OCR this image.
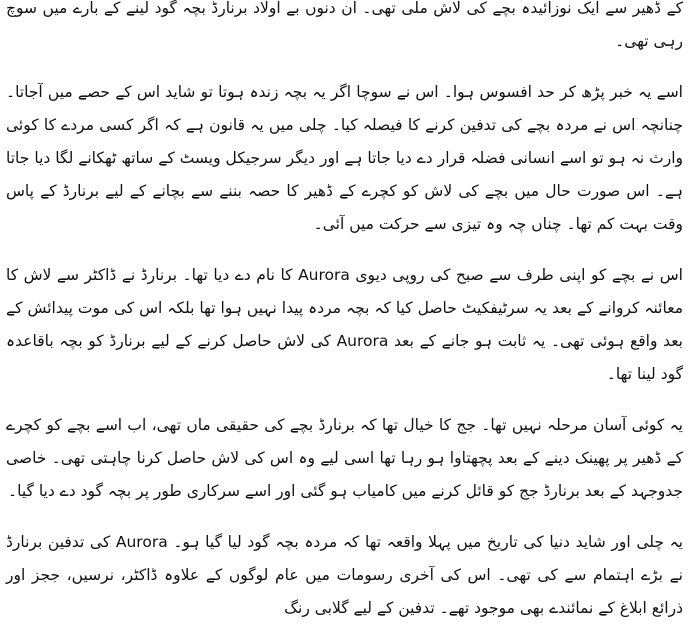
کے ڈھیر سے ایک نوزائیدہ بچے کی لاش ملی تھی۔ ان دنوں بے اولاد برنارڈ بچہ گود لینے کے بارے میں سوچ رہی تھی۔

اسے یہ خبر پڑھ کر حد افسوس ہوا۔ اس نے سوچا اگر یہ بچہ زندہ ہوتا تو شاید اس کے حصے میں آجاتا۔ چنانچہ اس نے مردہ بچے کی تدفین کرنے کا فیصلہ کیا۔ چلی میں یہ قانون ہے کہ اگر کسی مردے کا کوئی وارث نہ ہو تو اسے انسانی فضلہ قرار دے دیا جاتا ہے اور دیگر سرجیکل ویسٹ کے ساتھ ٹھکانے لگا دیا جاتا ہے۔ اس صورت حال میں بچے کی لاش کو کچرے کے ڈھیر کا حصہ بننے سے بچانے کے لیے برنارڈ کے پاس وقت بہت کم تھا۔ چناں چہ وہ تیزی سے حرکت میں آئی۔

اس نے بچے کو اپنی طرف سے صبح کی روپی دیوی Aurora کا نام دے دیا تھا۔ برنارڈ نے ڈاکٹر سے لاش کا معائنہ کروانے کے بعد یہ سرٹیفکیٹ حاصل کیا کہ بچہ مردہ پیدا نہیں ہوا تھا بلکہ اس کی موت پیدائش کے بعد واقع ہوئی تھی۔ یہ ثابت ہو جانے کے بعد Aurora کی لاش حاصل کرنے کے لیے برنارڈ کو بچہ باقاعدہ گود لینا تھا۔

یہ کوئی آسان مرحلہ نہیں تھا۔ جج کا خیال تھا کہ برنارڈ بچے کی حقیقی ماں تھی، اب اسے بچے کو کچرے کے ڈھیر پر پھینک دینے کے بعد پچھتاوا ہو رہا تھا اسی لیے وہ اس کی لاش حاصل کرنا چاہتی تھی۔ خاصی جدوجہد کے بعد برنارڈ جج کو قائل کرنے میں کامیاب ہو گئی اور اسے سرکاری طور پر بچہ گود دے دیا گیا۔

یہ چلی اور شاید دنیا کی تاریخ میں پہلا واقعہ تھا کہ مردہ بچہ گود لیا گیا ہو۔ Aurora کی تدفین برنارڈ نے بڑے اہتمام سے کی تھی۔ اس کی آخری رسومات میں عام لوگوں کے علاوہ ڈاکٹر، نرسیں، ججز اور ذرائع ابلاغ کے نمائندے بھی موجود تھے۔ تدفین کے لیے گلابی رنگ
